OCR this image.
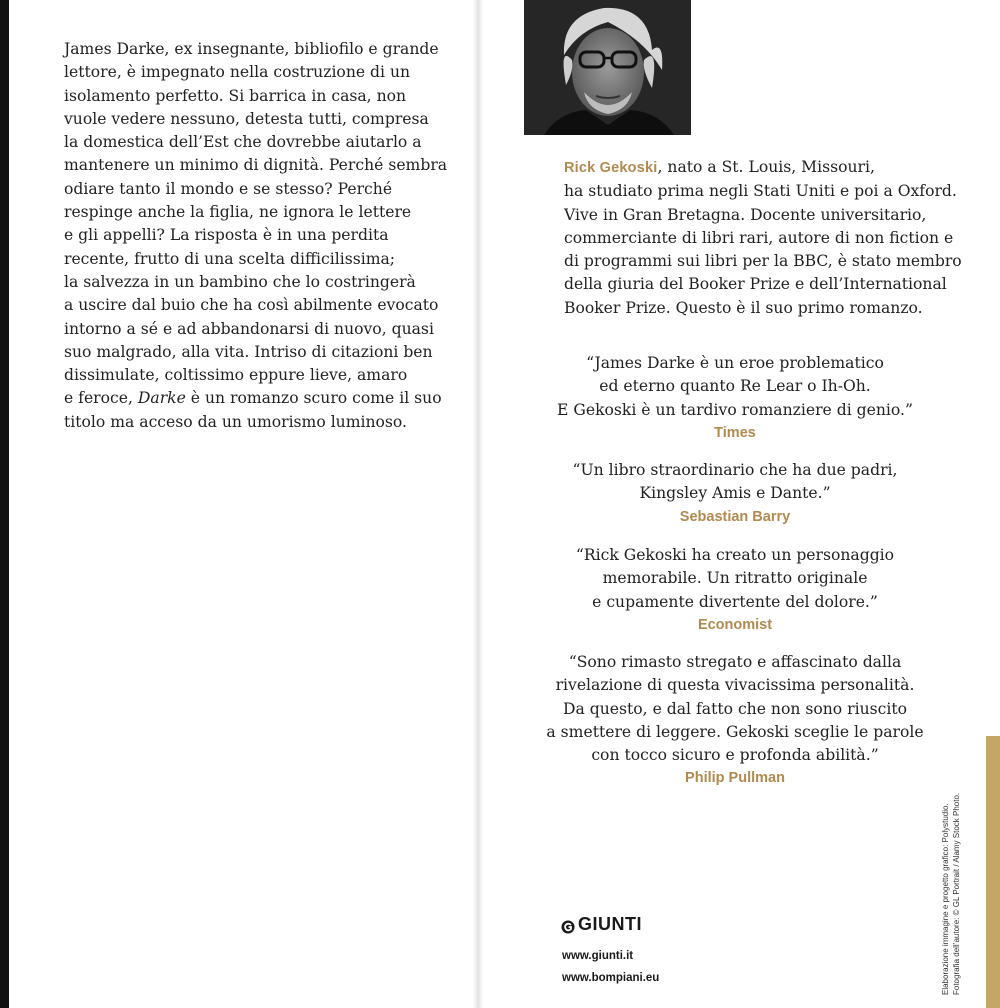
James Darke, ex insegnante, bibliofilo e grande
lettore, è impegnato nella costruzione di un
isolamento perfetto. Si barrica in casa, non
vuole vedere nessuno, detesta tutti, compresa
la domestica dell’Est che dovrebbe aiutarlo a
mantenere un minimo di dignità. Perché sembra
odiare tanto il mondo e se stesso? Perché
respinge anche la figlia, ne ignora le lettere
e gli appelli? La risposta è in una perdita
recente, frutto di una scelta difficilissima;
la salvezza in un bambino che lo costringerà
a uscire dal buio che ha così abilmente evocato
intorno a sé e ad abbandonarsi di nuovo, quasi
suo malgrado, alla vita. Intriso di citazioni ben
dissimulate, coltissimo eppure lieve, amaro
e feroce, Darke è un romanzo scuro come il suo
titolo ma acceso da un umorismo luminoso.
Rick Gekoski, nato a St. Louis, Missouri,
ha studiato prima negli Stati Uniti e poi a Oxford.
Vive in Gran Bretagna. Docente universitario,
commerciante di libri rari, autore di non fiction e
di programmi sui libri per la BBC, è stato membro
della giuria del Booker Prize e dell’International
Booker Prize. Questo è il suo primo romanzo.
“James Darke è un eroe problematico
ed eterno quanto Re Lear o Ih-Oh.
E Gekoski è un tardivo romanziere di genio.”
Times
“Un libro straordinario che ha due padri,
Kingsley Amis e Dante.”
Sebastian Barry
“Rick Gekoski ha creato un personaggio
memorabile. Un ritratto originale
e cupamente divertente del dolore.”
Economist
“Sono rimasto stregato e affascinato dalla
rivelazione di questa vivacissima personalità.
Da questo, e dal fatto che non sono riuscito
a smettere di leggere. Gekoski sceglie le parole
con tocco sicuro e profonda abilità.”
Philip Pullman
Elaborazione immagine e progetto grafico: Polystudio. Fotografia dell’autore: © GL Portrait / Alamy Stock Photo.
GIUNTI
www.giunti.it
www.bompiani.eu
